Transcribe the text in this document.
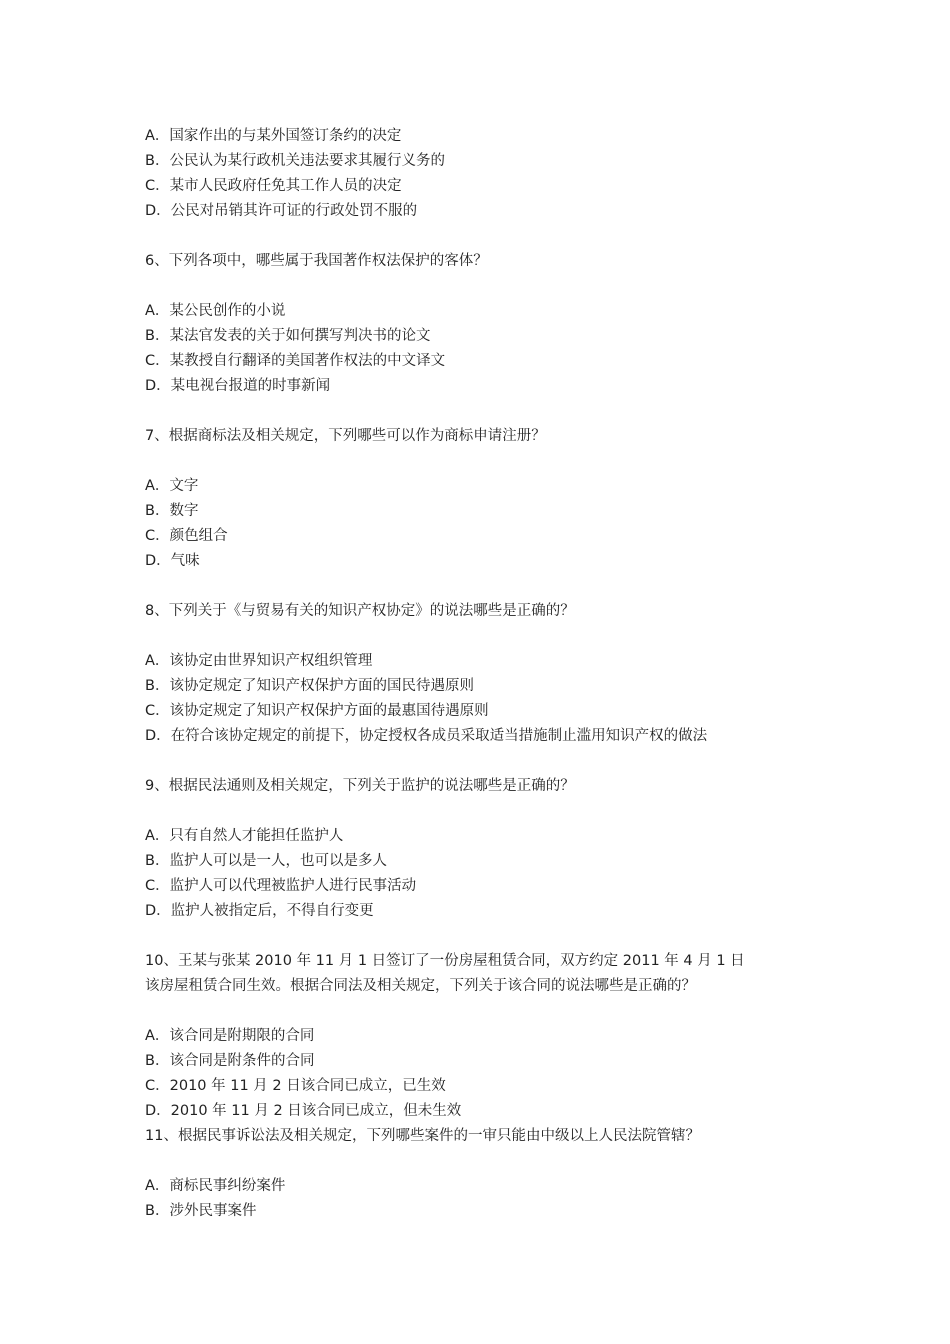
A．国家作出的与某外国签订条约的决定
B．公民认为某行政机关违法要求其履行义务的
C．某市人民政府任免其工作人员的决定
D．公民对吊销其许可证的行政处罚不服的
6、下列各项中，哪些属于我国著作权法保护的客体？
A．某公民创作的小说
B．某法官发表的关于如何撰写判决书的论文
C．某教授自行翻译的美国著作权法的中文译文
D．某电视台报道的时事新闻
7、根据商标法及相关规定，下列哪些可以作为商标申请注册？
A．文字
B．数字
C．颜色组合
D．气味
8、下列关于《与贸易有关的知识产权协定》的说法哪些是正确的？
A．该协定由世界知识产权组织管理
B．该协定规定了知识产权保护方面的国民待遇原则
C．该协定规定了知识产权保护方面的最惠国待遇原则
D．在符合该协定规定的前提下，协定授权各成员采取适当措施制止滥用知识产权的做法
9、根据民法通则及相关规定，下列关于监护的说法哪些是正确的？
A．只有自然人才能担任监护人
B．监护人可以是一人，也可以是多人
C．监护人可以代理被监护人进行民事活动
D．监护人被指定后，不得自行变更
10、王某与张某 2010 年 11 月 1 日签订了一份房屋租赁合同，双方约定 2011 年 4 月 1 日
该房屋租赁合同生效。根据合同法及相关规定，下列关于该合同的说法哪些是正确的？
A．该合同是附期限的合同
B．该合同是附条件的合同
C．2010 年 11 月 2 日该合同已成立，已生效
D．2010 年 11 月 2 日该合同已成立，但未生效
11、根据民事诉讼法及相关规定，下列哪些案件的一审只能由中级以上人民法院管辖？
A．商标民事纠纷案件
B．涉外民事案件
